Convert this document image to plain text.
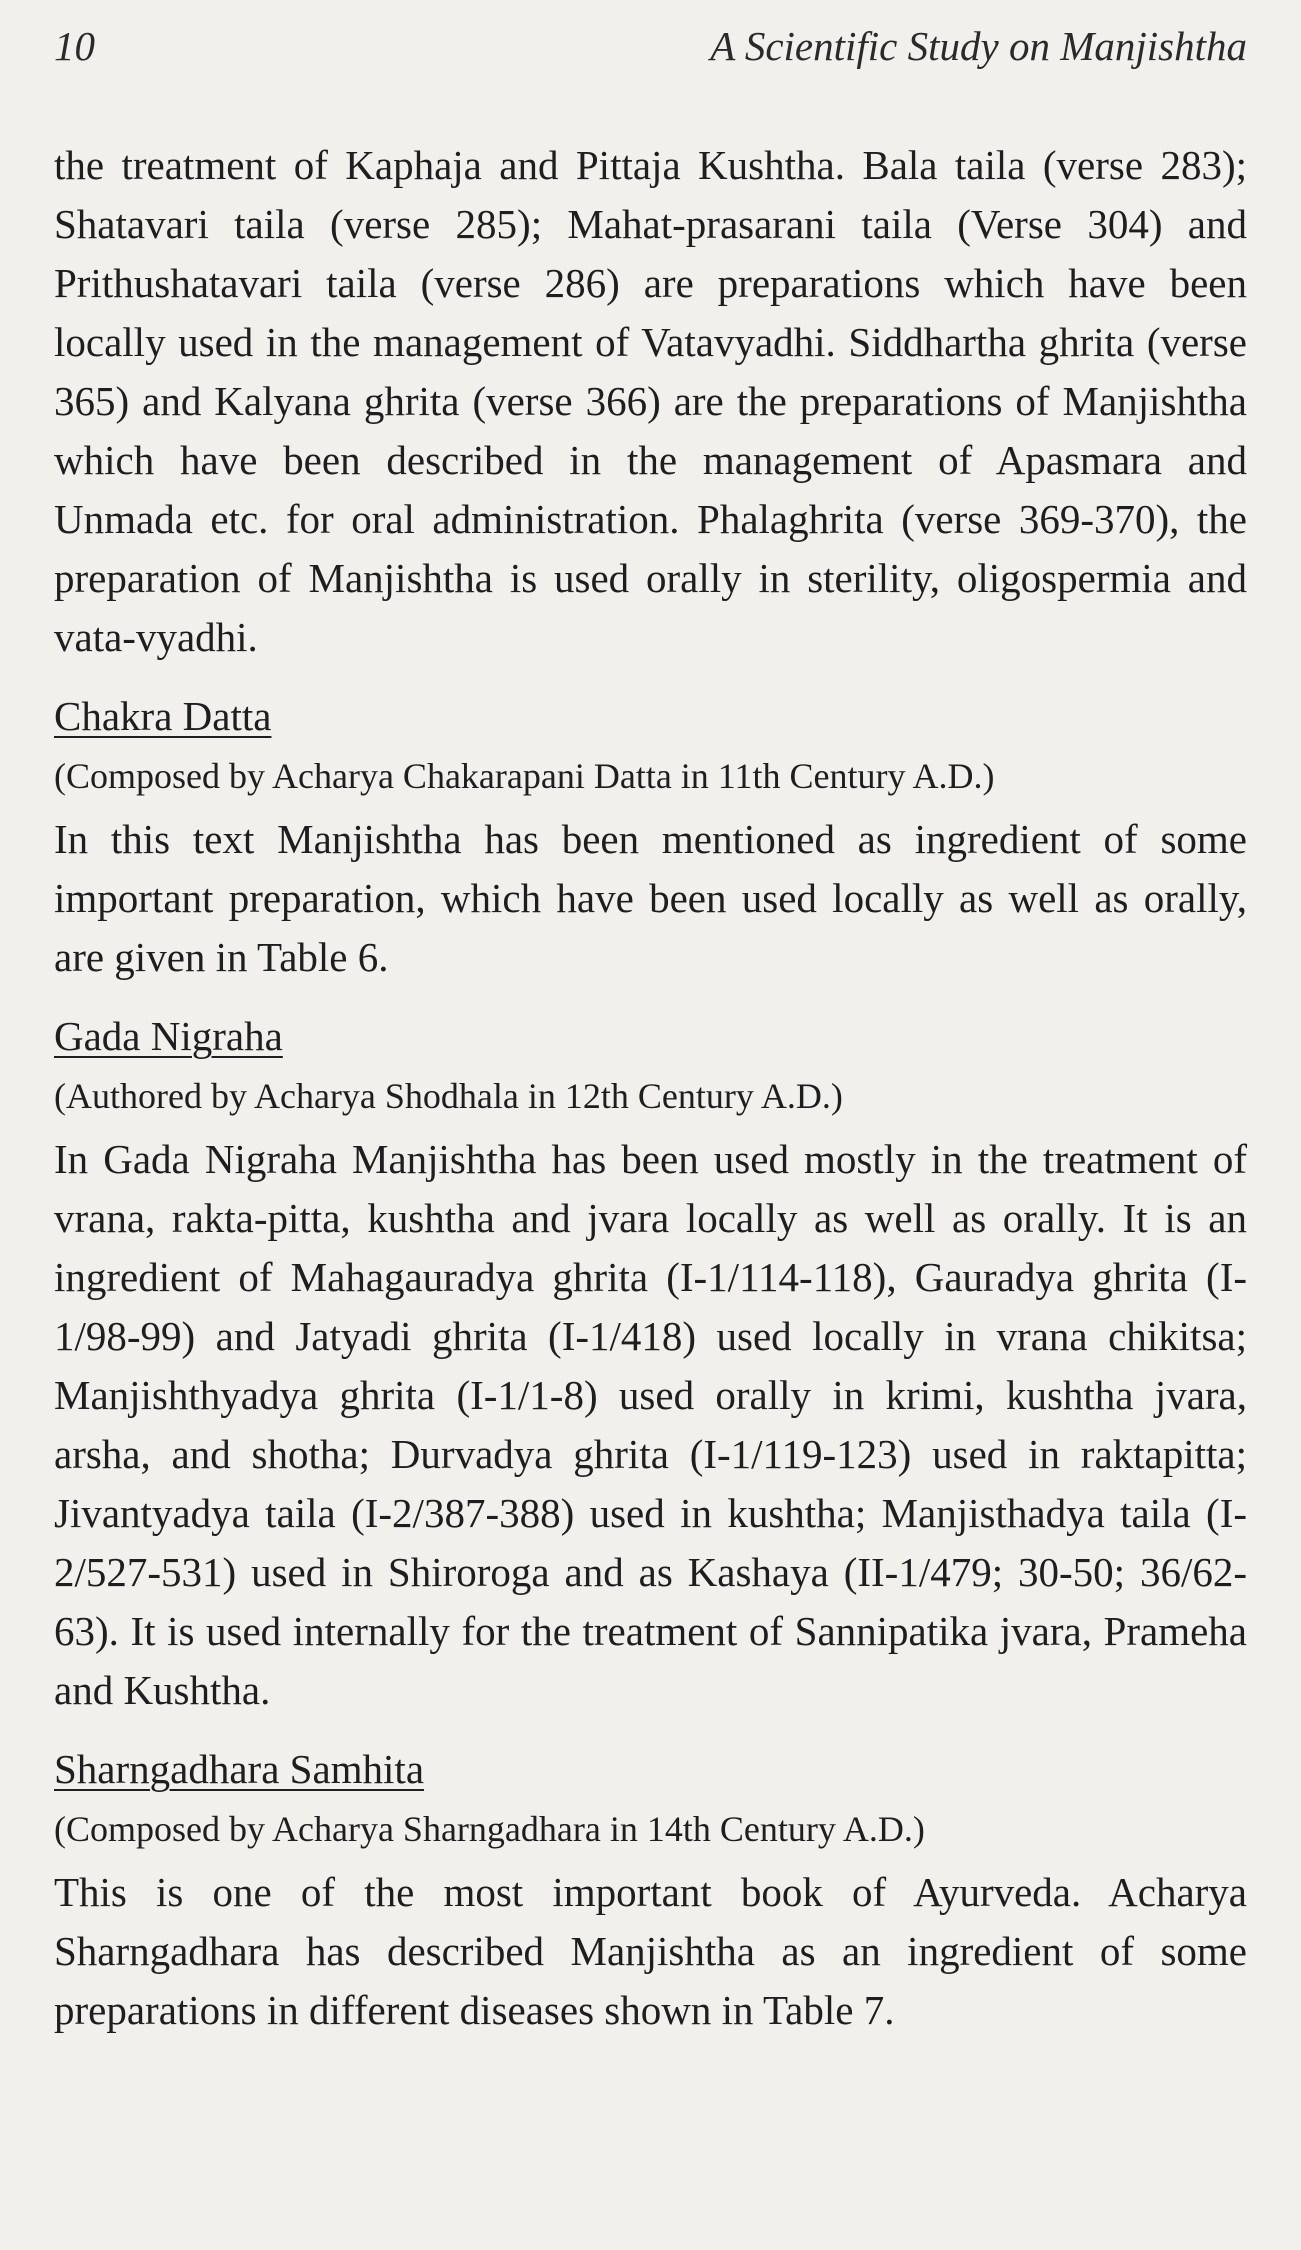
10	A Scientific Study on Manjishtha

the treatment of Kaphaja and Pittaja Kushtha. Bala taila (verse 283); Shatavari taila (verse 285); Mahat-prasarani taila (Verse 304) and Prithushatavari taila (verse 286) are preparations which have been locally used in the management of Vatavyadhi. Siddhartha ghrita (verse 365) and Kalyana ghrita (verse 366) are the preparations of Manjishtha which have been described in the management of Apasmara and Unmada etc. for oral administration. Phalaghrita (verse 369-370), the preparation of Manjishtha is used orally in sterility, oligospermia and vata-vyadhi.

Chakra Datta
(Composed by Acharya Chakarapani Datta in 11th Century A.D.)

In this text Manjishtha has been mentioned as ingredient of some important preparation, which have been used locally as well as orally, are given in Table 6.

Gada Nigraha
(Authored by Acharya Shodhala in 12th Century A.D.)

In Gada Nigraha Manjishtha has been used mostly in the treatment of vrana, rakta-pitta, kushtha and jvara locally as well as orally. It is an ingredient of Mahagauradya ghrita (I-1/114-118), Gauradya ghrita (I-1/98-99) and Jatyadi ghrita (I-1/418) used locally in vrana chikitsa; Manjishthyadya ghrita (I-1/1-8) used orally in krimi, kushtha jvara, arsha, and shotha; Durvadya ghrita (I-1/119-123) used in raktapitta; Jivantyadya taila (I-2/387-388) used in kushtha; Manjisthadya taila (I-2/527-531) used in Shiroroga and as Kashaya (II-1/479; 30-50; 36/62-63). It is used internally for the treatment of Sannipatika jvara, Prameha and Kushtha.

Sharngadhara Samhita
(Composed by Acharya Sharngadhara in 14th Century A.D.)

This is one of the most important book of Ayurveda. Acharya Sharngadhara has described Manjishtha as an ingredient of some preparations in different diseases shown in Table 7.
